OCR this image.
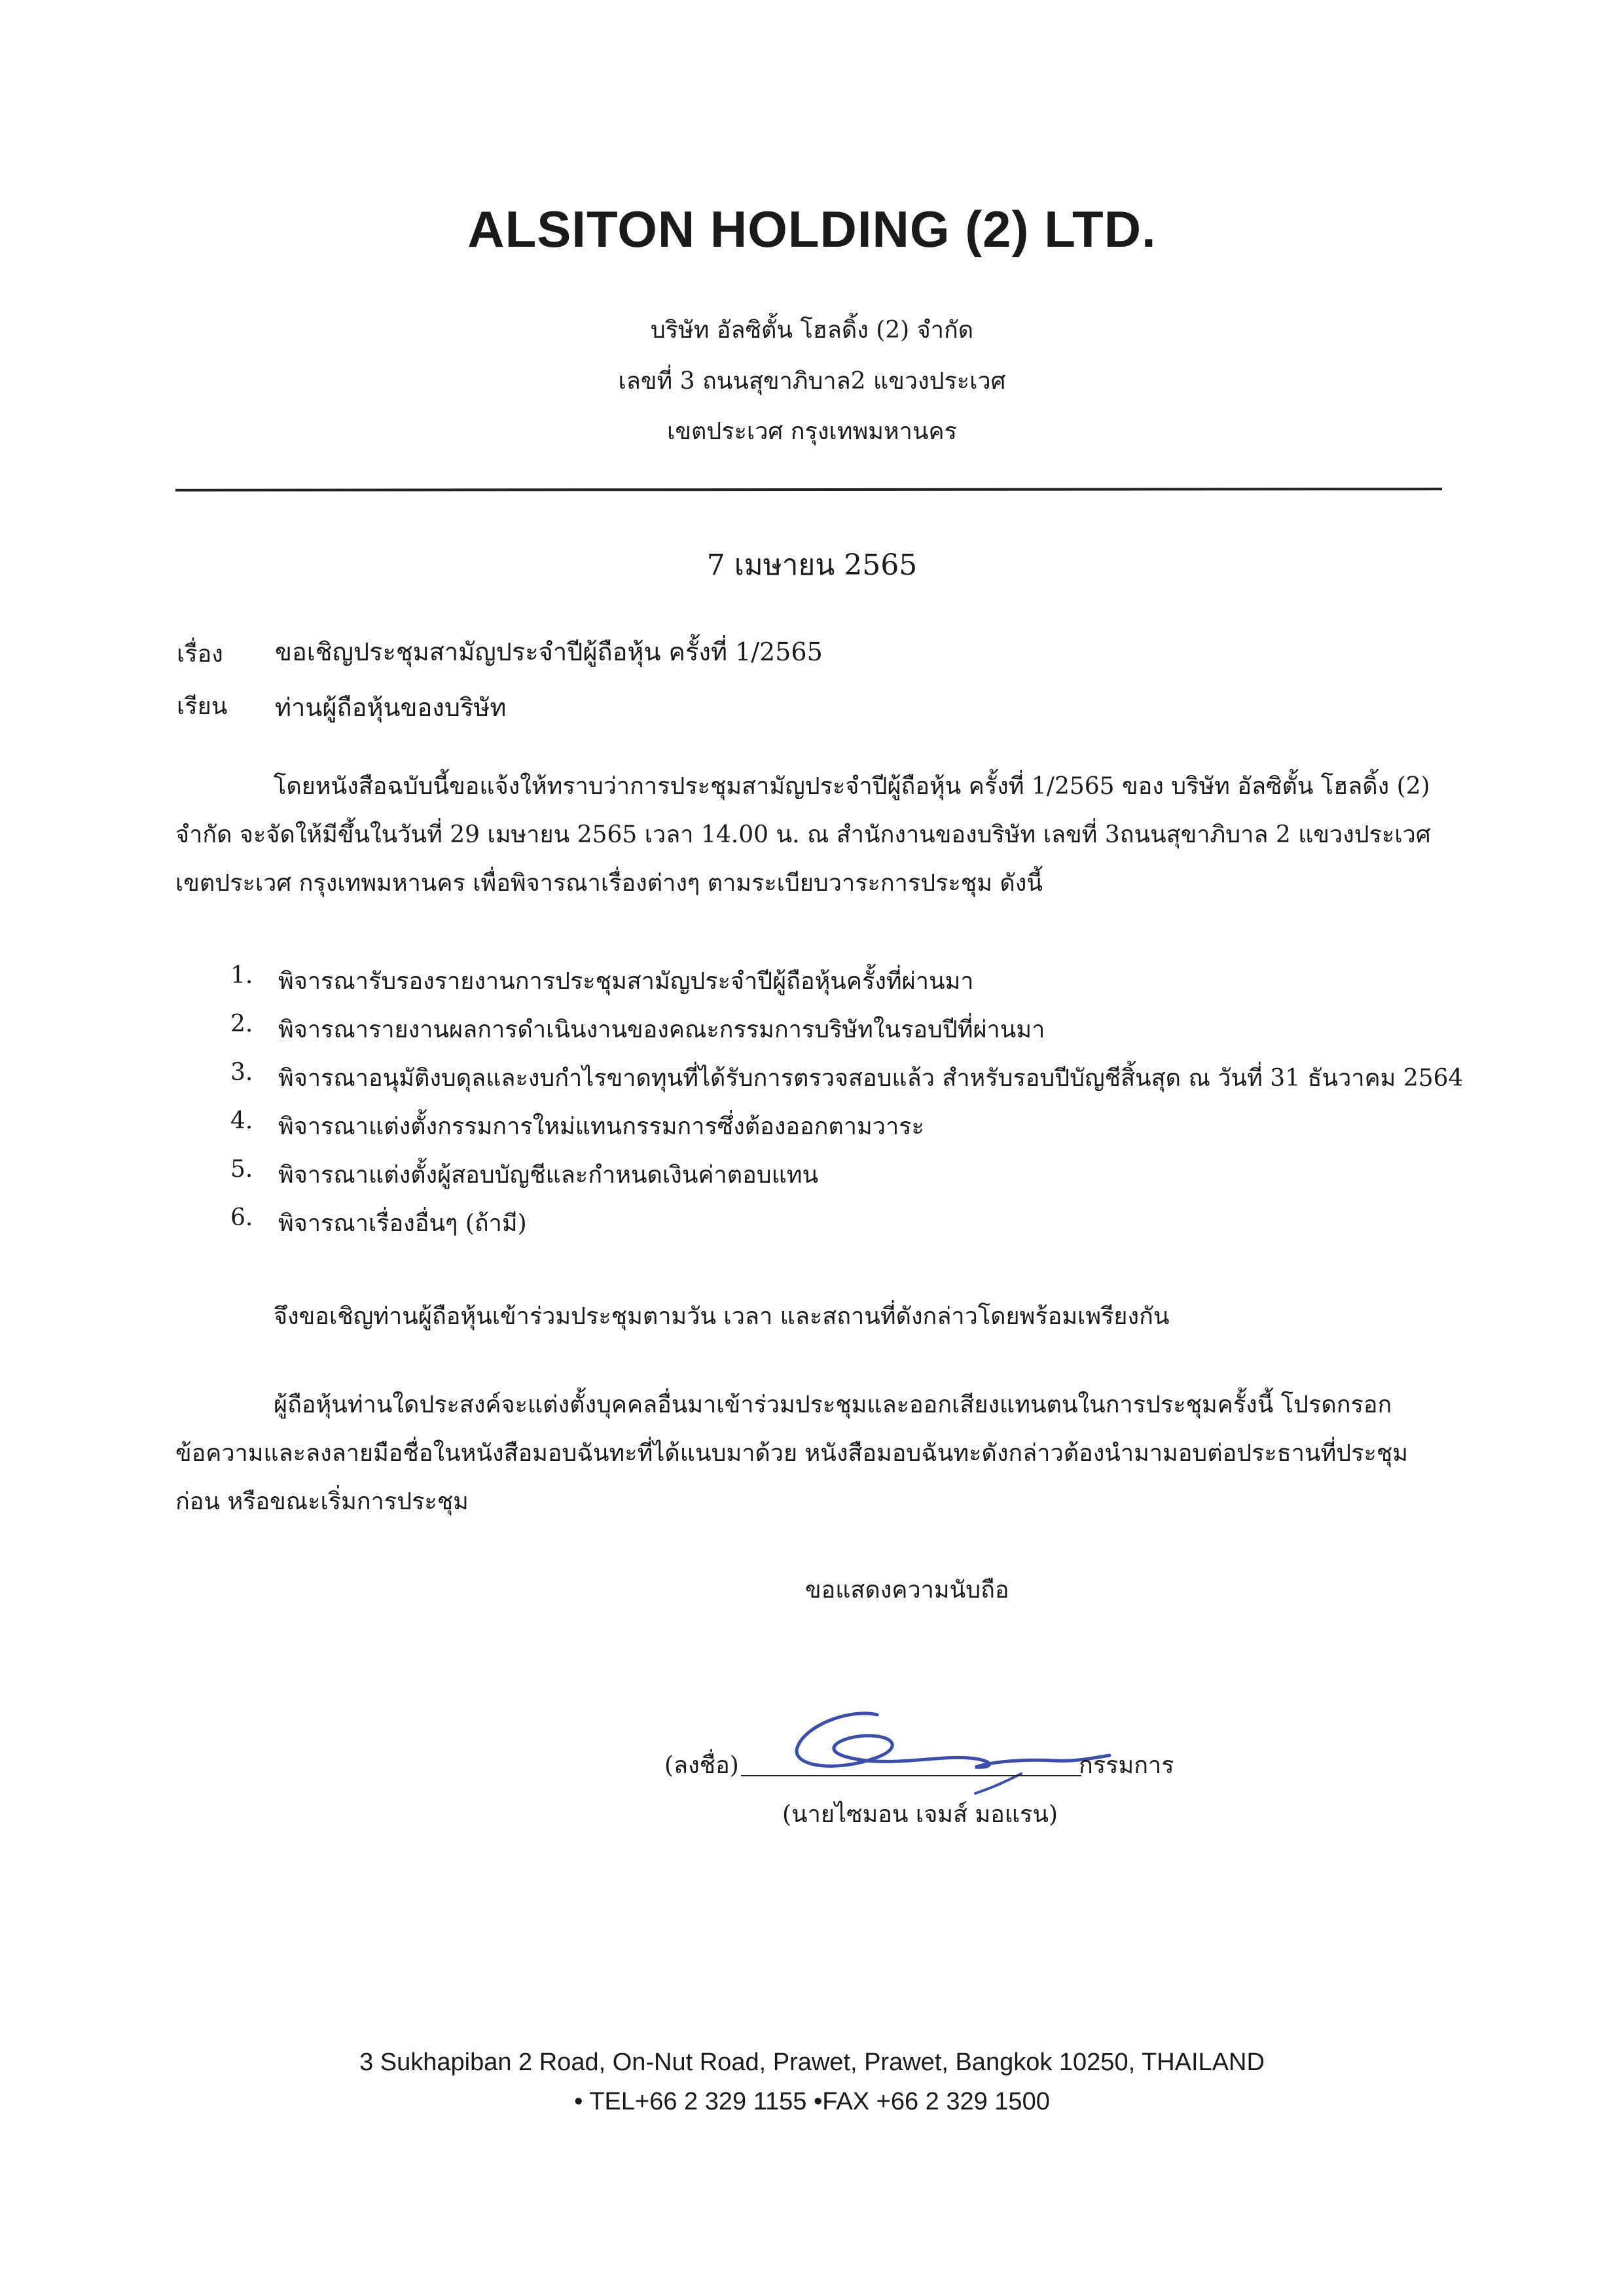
ALSITON HOLDING (2) LTD.
บริษัท อัลซิตั้น โฮลดิ้ง (2) จำกัด
เลขที่ 3 ถนนสุขาภิบาล2 แขวงประเวศ
เขตประเวศ กรุงเทพมหานคร
7 เมษายน 2565
เรื่อง ขอเชิญประชุมสามัญประจำปีผู้ถือหุ้น ครั้งที่ 1/2565
เรียน ท่านผู้ถือหุ้นของบริษัท
โดยหนังสือฉบับนี้ขอแจ้งให้ทราบว่าการประชุมสามัญประจำปีผู้ถือหุ้น ครั้งที่ 1/2565 ของ บริษัท อัลซิตั้น โฮลดิ้ง (2) จำกัด จะจัดให้มีขึ้นในวันที่ 29 เมษายน 2565 เวลา 14.00 น. ณ สำนักงานของบริษัท เลขที่ 3ถนนสุขาภิบาล 2 แขวงประเวศ เขตประเวศ กรุงเทพมหานคร เพื่อพิจารณาเรื่องต่างๆ ตามระเบียบวาระการประชุม ดังนี้
1.	พิจารณารับรองรายงานการประชุมสามัญประจำปีผู้ถือหุ้นครั้งที่ผ่านมา
2.	พิจารณารายงานผลการดำเนินงานของคณะกรรมการบริษัทในรอบปีที่ผ่านมา
3.	พิจารณาอนุมัติงบดุลและงบกำไรขาดทุนที่ได้รับการตรวจสอบแล้ว สำหรับรอบปีบัญชีสิ้นสุด ณ วันที่ 31 ธันวาคม 2564
4.	พิจารณาแต่งตั้งกรรมการใหม่แทนกรรมการซึ่งต้องออกตามวาระ
5.	พิจารณาแต่งตั้งผู้สอบบัญชีและกำหนดเงินค่าตอบแทน
6.	พิจารณาเรื่องอื่นๆ (ถ้ามี)
จึงขอเชิญท่านผู้ถือหุ้นเข้าร่วมประชุมตามวัน เวลา และสถานที่ดังกล่าวโดยพร้อมเพรียงกัน
ผู้ถือหุ้นท่านใดประสงค์จะแต่งตั้งบุคคลอื่นมาเข้าร่วมประชุมและออกเสียงแทนตนในการประชุมครั้งนี้ โปรดกรอก ข้อความและลงลายมือชื่อในหนังสือมอบฉันทะที่ได้แนบมาด้วย หนังสือมอบฉันทะดังกล่าวต้องนำมามอบต่อประธานที่ประชุมก่อน หรือขณะเริ่มการประชุม
ขอแสดงความนับถือ
(ลงชื่อ)	กรรมการ
(นายไซมอน เจมส์ มอแรน)
3 Sukhapiban 2 Road, On-Nut Road, Prawet, Prawet, Bangkok 10250, THAILAND
• TEL+66 2 329 1155 •FAX +66 2 329 1500
